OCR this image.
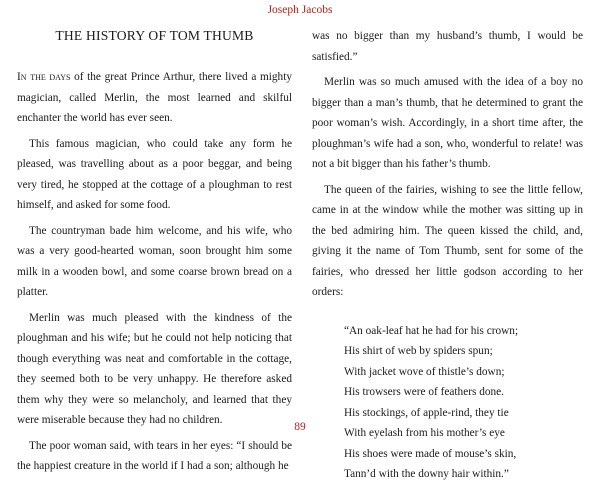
Joseph Jacobs
THE HISTORY OF TOM THUMB

In the days of the great Prince Arthur, there lived a mighty magician, called Merlin, the most learned and skilful enchanter the world has ever seen.

This famous magician, who could take any form he pleased, was travelling about as a poor beggar, and being very tired, he stopped at the cottage of a ploughman to rest himself, and asked for some food.

The countryman bade him welcome, and his wife, who was a very good-hearted woman, soon brought him some milk in a wooden bowl, and some coarse brown bread on a platter.

Merlin was much pleased with the kindness of the ploughman and his wife; but he could not help noticing that though everything was neat and comfortable in the cottage, they seemed both to be very unhappy. He therefore asked them why they were so melancholy, and learned that they were miserable because they had no children.

The poor woman said, with tears in her eyes: “I should be the happiest creature in the world if I had a son; although he

was no bigger than my husband’s thumb, I would be satisfied.”

Merlin was so much amused with the idea of a boy no bigger than a man’s thumb, that he determined to grant the poor woman’s wish. Accordingly, in a short time after, the ploughman’s wife had a son, who, wonderful to relate! was not a bit bigger than his father’s thumb.

The queen of the fairies, wishing to see the little fellow, came in at the window while the mother was sitting up in the bed admiring him. The queen kissed the child, and, giving it the name of Tom Thumb, sent for some of the fairies, who dressed her little godson according to her orders:

“An oak-leaf hat he had for his crown;
His shirt of web by spiders spun;
With jacket wove of thistle’s down;
His trowsers were of feathers done.
His stockings, of apple-rind, they tie
With eyelash from his mother’s eye
His shoes were made of mouse’s skin,
Tann’d with the downy hair within.”
89
